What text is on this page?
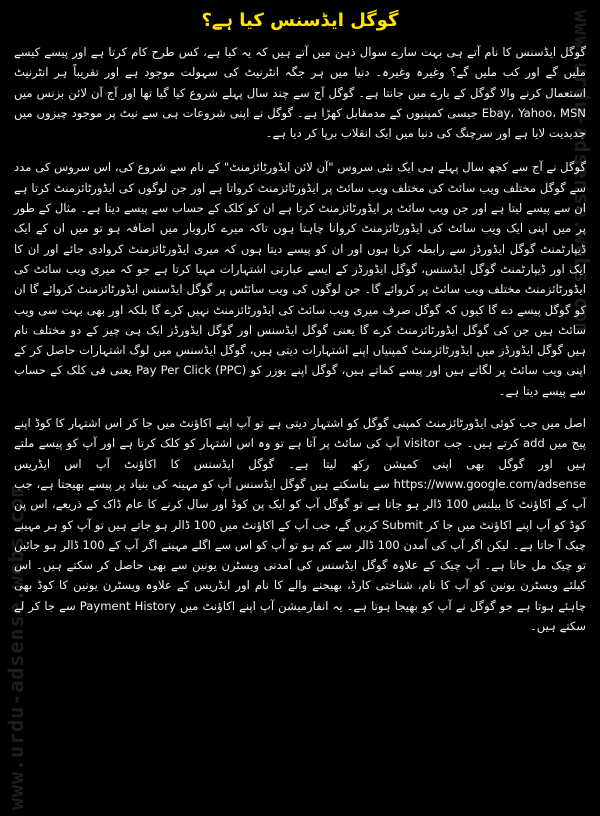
www.urdu-adsense.webs.com
www.urdu-adsense.webs.com
گوگل ایڈسنس کیا ہے؟

گوگل ایڈسنس کا نام آتے ہی بہت سارے سوال ذہن میں آتے ہیں کہ یہ کیا ہے، کس طرح کام کرتا ہے اور پیسے کیسے ملیں گے اور کب ملیں گے؟ وغیرہ وغیرہ۔ دنیا میں ہر جگہ انٹرنیٹ کی سہولت موجود ہے اور تقریباً ہر انٹرنیٹ استعمال کرنے والا گوگل کے بارے میں جانتا ہے۔ گوگل آج سے چند سال پہلے شروع کیا گیا تھا اور آج آن لائن بزنس میں Ebay، Yahoo، MSN جیسی کمپنیوں کے مدمقابل کھڑا ہے۔ گوگل نے اپنی شروعات ہی سے نیٹ پر موجود چیزوں میں جدیدیت لایا ہے اور سرچنگ کی دنیا میں ایک انقلاب برپا کر دیا ہے۔

گوگل نے آج سے کچھ سال پہلے ہی ایک نئی سروس "آن لائن ایڈورٹائزمنٹ" کے نام سے شروع کی، اس سروس کی مدد سے گوگل مختلف ویب سائٹ کی مختلف ویب سائٹ پر ایڈورٹائزمنٹ کرواتا ہے اور جن لوگوں کی ایڈورٹائزمنٹ کرتا ہے ان سے پیسے لیتا ہے اور جن ویب سائٹ پر ایڈورٹائزمنٹ کرتا ہے ان کو کلک کے حساب سے پیسے دیتا ہے۔ مثال کے طور پر میں اپنی ایک ویب سائٹ کی ایڈورٹائزمنٹ کروانا چاہتا ہوں تاکہ میرے کاروبار میں اضافہ ہو تو میں ان کے ایک ڈیپارٹمنٹ گوگل ایڈورڈز سے رابطہ کرتا ہوں اور ان کو پیسے دیتا ہوں کہ میری ایڈورٹائزمنٹ کروادی جائے اور ان کا ایک اور ڈیپارٹمنٹ گوگل ایڈسنس، گوگل ایڈورڈز کے ایسے عبارتی اشتہارات مہیا کرتا ہے جو کہ میری ویب سائٹ کی ایڈورٹائزمنٹ مختلف ویب سائٹ پر کروائے گا۔ جن لوگوں کی ویب سائٹس پر گوگل ایڈسنس ایڈورٹائزمنٹ کروائے گا ان کو گوگل پیسے دے گا کیوں کہ گوگل صرف میری ویب سائٹ کی ایڈورٹائزمنٹ نہیں کرے گا بلکہ اور بھی بہت سی ویب سائٹ ہیں جن کی گوگل ایڈورٹائزمنٹ کرے گا یعنی گوگل ایڈسنس اور گوگل ایڈورڈز ایک ہی چیز کے دو مختلف نام ہیں گوگل ایڈورڈز میں ایڈورٹائزمنٹ کمپنیاں اپنے اشتہارات دیتی ہیں، گوگل ایڈسنس میں لوگ اشتہارات حاصل کر کے اپنی ویب سائٹ پر لگاتے ہیں اور پیسے کماتے ہیں، گوگل اپنے یوزر کو (PPC) Pay Per Click یعنی فی کلک کے حساب سے پیسے دیتا ہے۔

اصل میں جب کوئی ایڈورٹائزمنٹ کمپنی گوگل کو اشتہار دیتی ہے تو آپ اپنے اکاؤنٹ میں جا کر اس اشتہار کا کوڈ اپنے پیج میں add کرتے ہیں۔ جب visitor آپ کی سائٹ پر آتا ہے تو وہ اس اشتہار کو کلک کرتا ہے اور آپ کو پیسے ملتے ہیں اور گوگل بھی اپنی کمیشن رکھ لیتا ہے۔ گوگل ایڈسنس کا اکاؤنٹ آپ اس ایڈریس https://www.google.com/adsense سے بناسکتے ہیں گوگل ایڈسنس آپ کو مہینہ کی بنیاد پر پیسے بھیجتا ہے، جب آپ کے اکاؤنٹ کا بیلنس 100 ڈالر ہو جاتا ہے تو گوگل آپ کو ایک پن کوڈ اور سال کرنے کا عام ڈاک کے ذریعے، اس پن کوڈ کو آپ اپنے اکاؤنٹ میں جا کر Submit کریں گے، جب آپ کے اکاؤنٹ میں 100 ڈالر ہو جاتے ہیں تو آپ کو ہر مہینے چیک آ جاتا ہے۔ لیکن اگر آپ کی آمدن 100 ڈالر سے کم ہو تو آپ کو اس سے اگلے مہینے اگر آپ کے 100 ڈالر ہو جائیں تو چیک مل جاتا ہے۔ آپ چیک کے علاوہ گوگل ایڈسنس کی آمدنی ویسٹرن یونین سے بھی حاصل کر سکتے ہیں۔ اس کیلئے ویسٹرن یونین کو آپ کا نام، شناختی کارڈ، بھیجنے والے کا نام اور ایڈریس کے علاوہ ویسٹرن یونین کا کوڈ بھی چاہئے ہوتا ہے جو گوگل نے آپ کو بھیجا ہوتا ہے۔ یہ انفارمیشن آپ اپنے اکاؤنٹ میں Payment History سے جا کر لے سکتے ہیں۔
